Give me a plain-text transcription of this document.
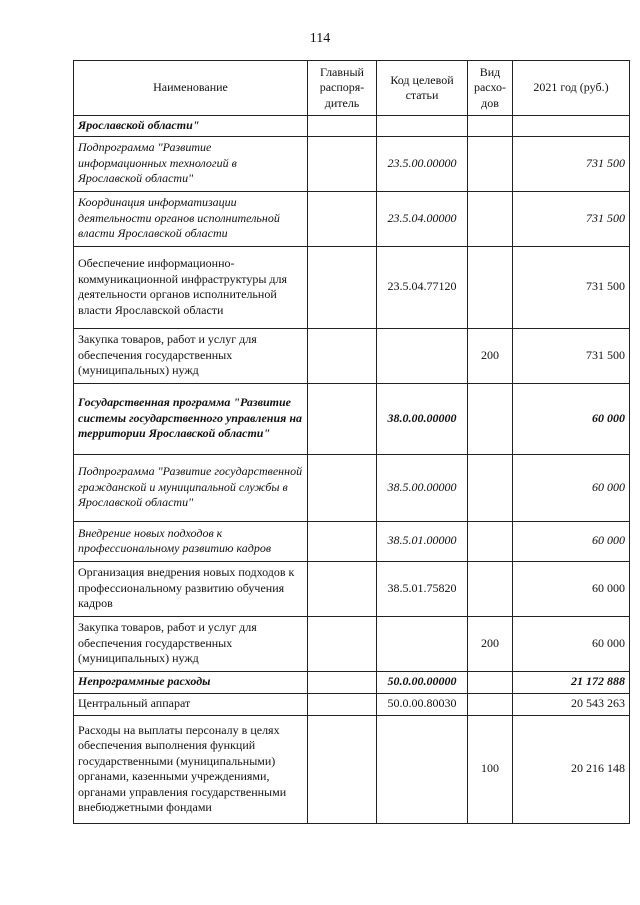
114
Наименование	Главный распоря-дитель	Код целевой статьи	Вид расхо-дов	2021 год (руб.)
Ярославской области"				
Подпрограмма "Развитие информационных технологий в Ярославской области"		23.5.00.00000		731 500
Координация информатизации деятельности органов исполнительной власти Ярославской области		23.5.04.00000		731 500
Обеспечение информационно-коммуникационной инфраструктуры для деятельности органов исполнительной власти Ярославской области		23.5.04.77120		731 500
Закупка товаров, работ и услуг для обеспечения государственных (муниципальных) нужд			200	731 500
Государственная программа "Развитие системы государственного управления на территории Ярославской области"		38.0.00.00000		60 000
Подпрограмма "Развитие государственной гражданской и муниципальной службы в Ярославской области"		38.5.00.00000		60 000
Внедрение новых подходов к профессиональному развитию кадров		38.5.01.00000		60 000
Организация внедрения новых подходов к профессиональному развитию обучения кадров		38.5.01.75820		60 000
Закупка товаров, работ и услуг для обеспечения государственных (муниципальных) нужд			200	60 000
Непрограммные расходы		50.0.00.00000		21 172 888
Центральный аппарат		50.0.00.80030		20 543 263
Расходы на выплаты персоналу в целях обеспечения выполнения функций государственными (муниципальными) органами, казенными учреждениями, органами управления государственными внебюджетными фондами			100	20 216 148
